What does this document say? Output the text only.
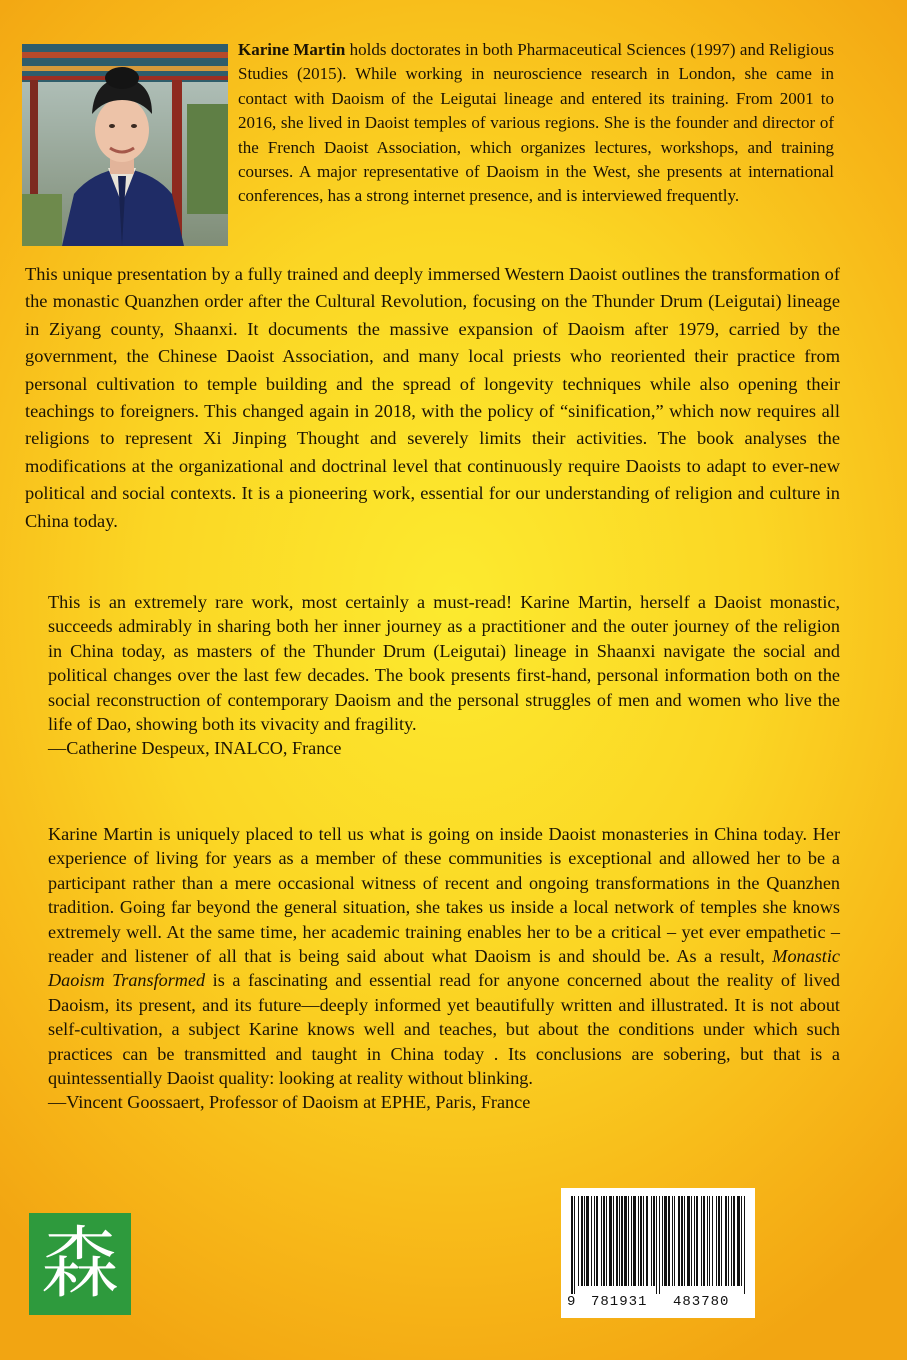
Karine Martin holds doctorates in both Pharmaceutical Sciences (1997) and Religious Studies (2015). While working in neuroscience research in London, she came in contact with Daoism of the Leigutai lineage and entered its training. From 2001 to 2016, she lived in Daoist temples of various regions. She is the founder and director of the French Daoist Association, which organizes lectures, workshops, and training courses. A major representative of Daoism in the West, she presents at international conferences, has a strong internet presence, and is interviewed frequently.

This unique presentation by a fully trained and deeply immersed Western Daoist outlines the transformation of the monastic Quanzhen order after the Cultural Revolution, focusing on the Thunder Drum (Leigutai) lineage in Ziyang county, Shaanxi. It documents the massive expansion of Daoism after 1979, carried by the government, the Chinese Daoist Association, and many local priests who reoriented their practice from personal cultivation to temple building and the spread of longevity techniques while also opening their teachings to foreigners. This changed again in 2018, with the policy of “sinification,” which now requires all religions to represent Xi Jinping Thought and severely limits their activities. The book analyses the modifications at the organizational and doctrinal level that continuously require Daoists to adapt to ever-new political and social contexts. It is a pioneering work, essential for our understanding of religion and culture in China today.

This is an extremely rare work, most certainly a must-read! Karine Martin, herself a Daoist monastic, succeeds admirably in sharing both her inner journey as a practitioner and the outer journey of the religion in China today, as masters of the Thunder Drum (Leigutai) lineage in Shaanxi navigate the social and political changes over the last few decades. The book presents first-hand, personal information both on the social reconstruction of contemporary Daoism and the personal struggles of men and women who live the life of Dao, showing both its vivacity and fragility.
—Catherine Despeux, INALCO, France

Karine Martin is uniquely placed to tell us what is going on inside Daoist monasteries in China today. Her experience of living for years as a member of these communities is exceptional and allowed her to be a participant rather than a mere occasional witness of recent and ongoing transformations in the Quanzhen tradition. Going far beyond the general situation, she takes us inside a local network of temples she knows extremely well. At the same time, her academic training enables her to be a critical – yet ever empathetic – reader and listener of all that is being said about what Daoism is and should be. As a result, Monastic Daoism Transformed is a fascinating and essential read for anyone concerned about the reality of lived Daoism, its present, and its future—deeply informed yet beautifully written and illustrated. It is not about self-cultivation, a subject Karine knows well and teaches, but about the conditions under which such practices can be transmitted and taught in China today . Its conclusions are sobering, but that is a quintessentially Daoist quality: looking at reality without blinking.
—Vincent Goossaert, Professor of Daoism at EPHE, Paris, France

森	9 781931 483780
